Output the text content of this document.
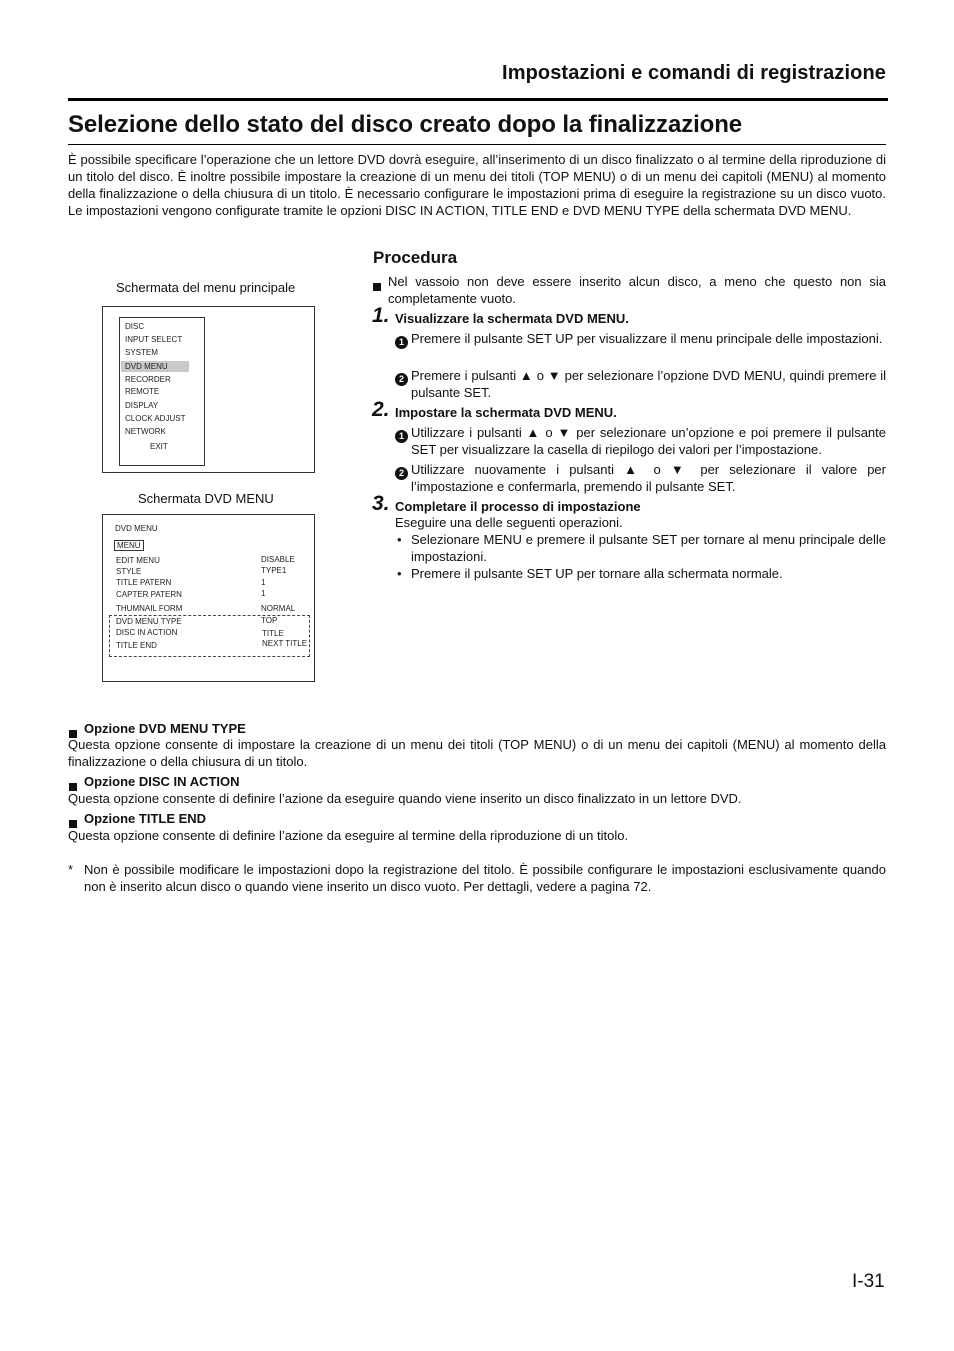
Impostazioni e comandi di registrazione
Selezione dello stato del disco creato dopo la finalizzazione
È possibile specificare l’operazione che un lettore DVD dovrà eseguire, all’inserimento di un disco finalizzato o al termine della riproduzione di un titolo del disco. È inoltre possibile impostare la creazione di un menu dei titoli (TOP MENU) o di un menu dei capitoli (MENU) al momento della finalizzazione o della chiusura di un titolo. È necessario configurare le impostazioni prima di eseguire la registrazione su un disco vuoto. Le impostazioni vengono configurate tramite le opzioni DISC IN ACTION, TITLE END e DVD MENU TYPE della schermata DVD MENU.
Schermata del menu principale
DISC
INPUT SELECT
SYSTEM
DVD MENU
RECORDER
REMOTE
DISPLAY
CLOCK ADJUST
NETWORK
EXIT
Schermata DVD MENU
DVD MENU
MENU
EDIT MENU	DISABLE
STYLE	TYPE1
TITLE PATERN	1
CAPTER PATERN	1
THUMNAIL FORM	NORMAL
DVD MENU TYPE	TOP
DISC IN ACTION	TITLE
TITLE END	NEXT TITLE
Procedura
Nel vassoio non deve essere inserito alcun disco, a meno che questo non sia completamente vuoto.
1. Visualizzare la schermata DVD MENU.
1 Premere il pulsante SET UP per visualizzare il menu principale delle impostazioni.
2 Premere i pulsanti ▲ o ▼ per selezionare l’opzione DVD MENU, quindi premere il pulsante SET.
2. Impostare la schermata DVD MENU.
1 Utilizzare i pulsanti ▲ o ▼ per selezionare un’opzione e poi premere il pulsante SET per visualizzare la casella di riepilogo dei valori per l’impostazione.
2 Utilizzare nuovamente i pulsanti ▲ o ▼ per selezionare il valore per l’impostazione e confermarla, premendo il pulsante SET.
3. Completare il processo di impostazione
Eseguire una delle seguenti operazioni.
• Selezionare MENU e premere il pulsante SET per tornare al menu principale delle impostazioni.
• Premere il pulsante SET UP per tornare alla schermata normale.
Opzione DVD MENU TYPE
Questa opzione consente di impostare la creazione di un menu dei titoli (TOP MENU) o di un menu dei capitoli (MENU) al momento della finalizzazione o della chiusura di un titolo.
Opzione DISC IN ACTION
Questa opzione consente di definire l’azione da eseguire quando viene inserito un disco finalizzato in un lettore DVD.
Opzione TITLE END
Questa opzione consente di definire l’azione da eseguire al termine della riproduzione di un titolo.
* Non è possibile modificare le impostazioni dopo la registrazione del titolo. È possibile configurare le impostazioni esclusivamente quando non è inserito alcun disco o quando viene inserito un disco vuoto. Per dettagli, vedere a pagina 72.
I-31
